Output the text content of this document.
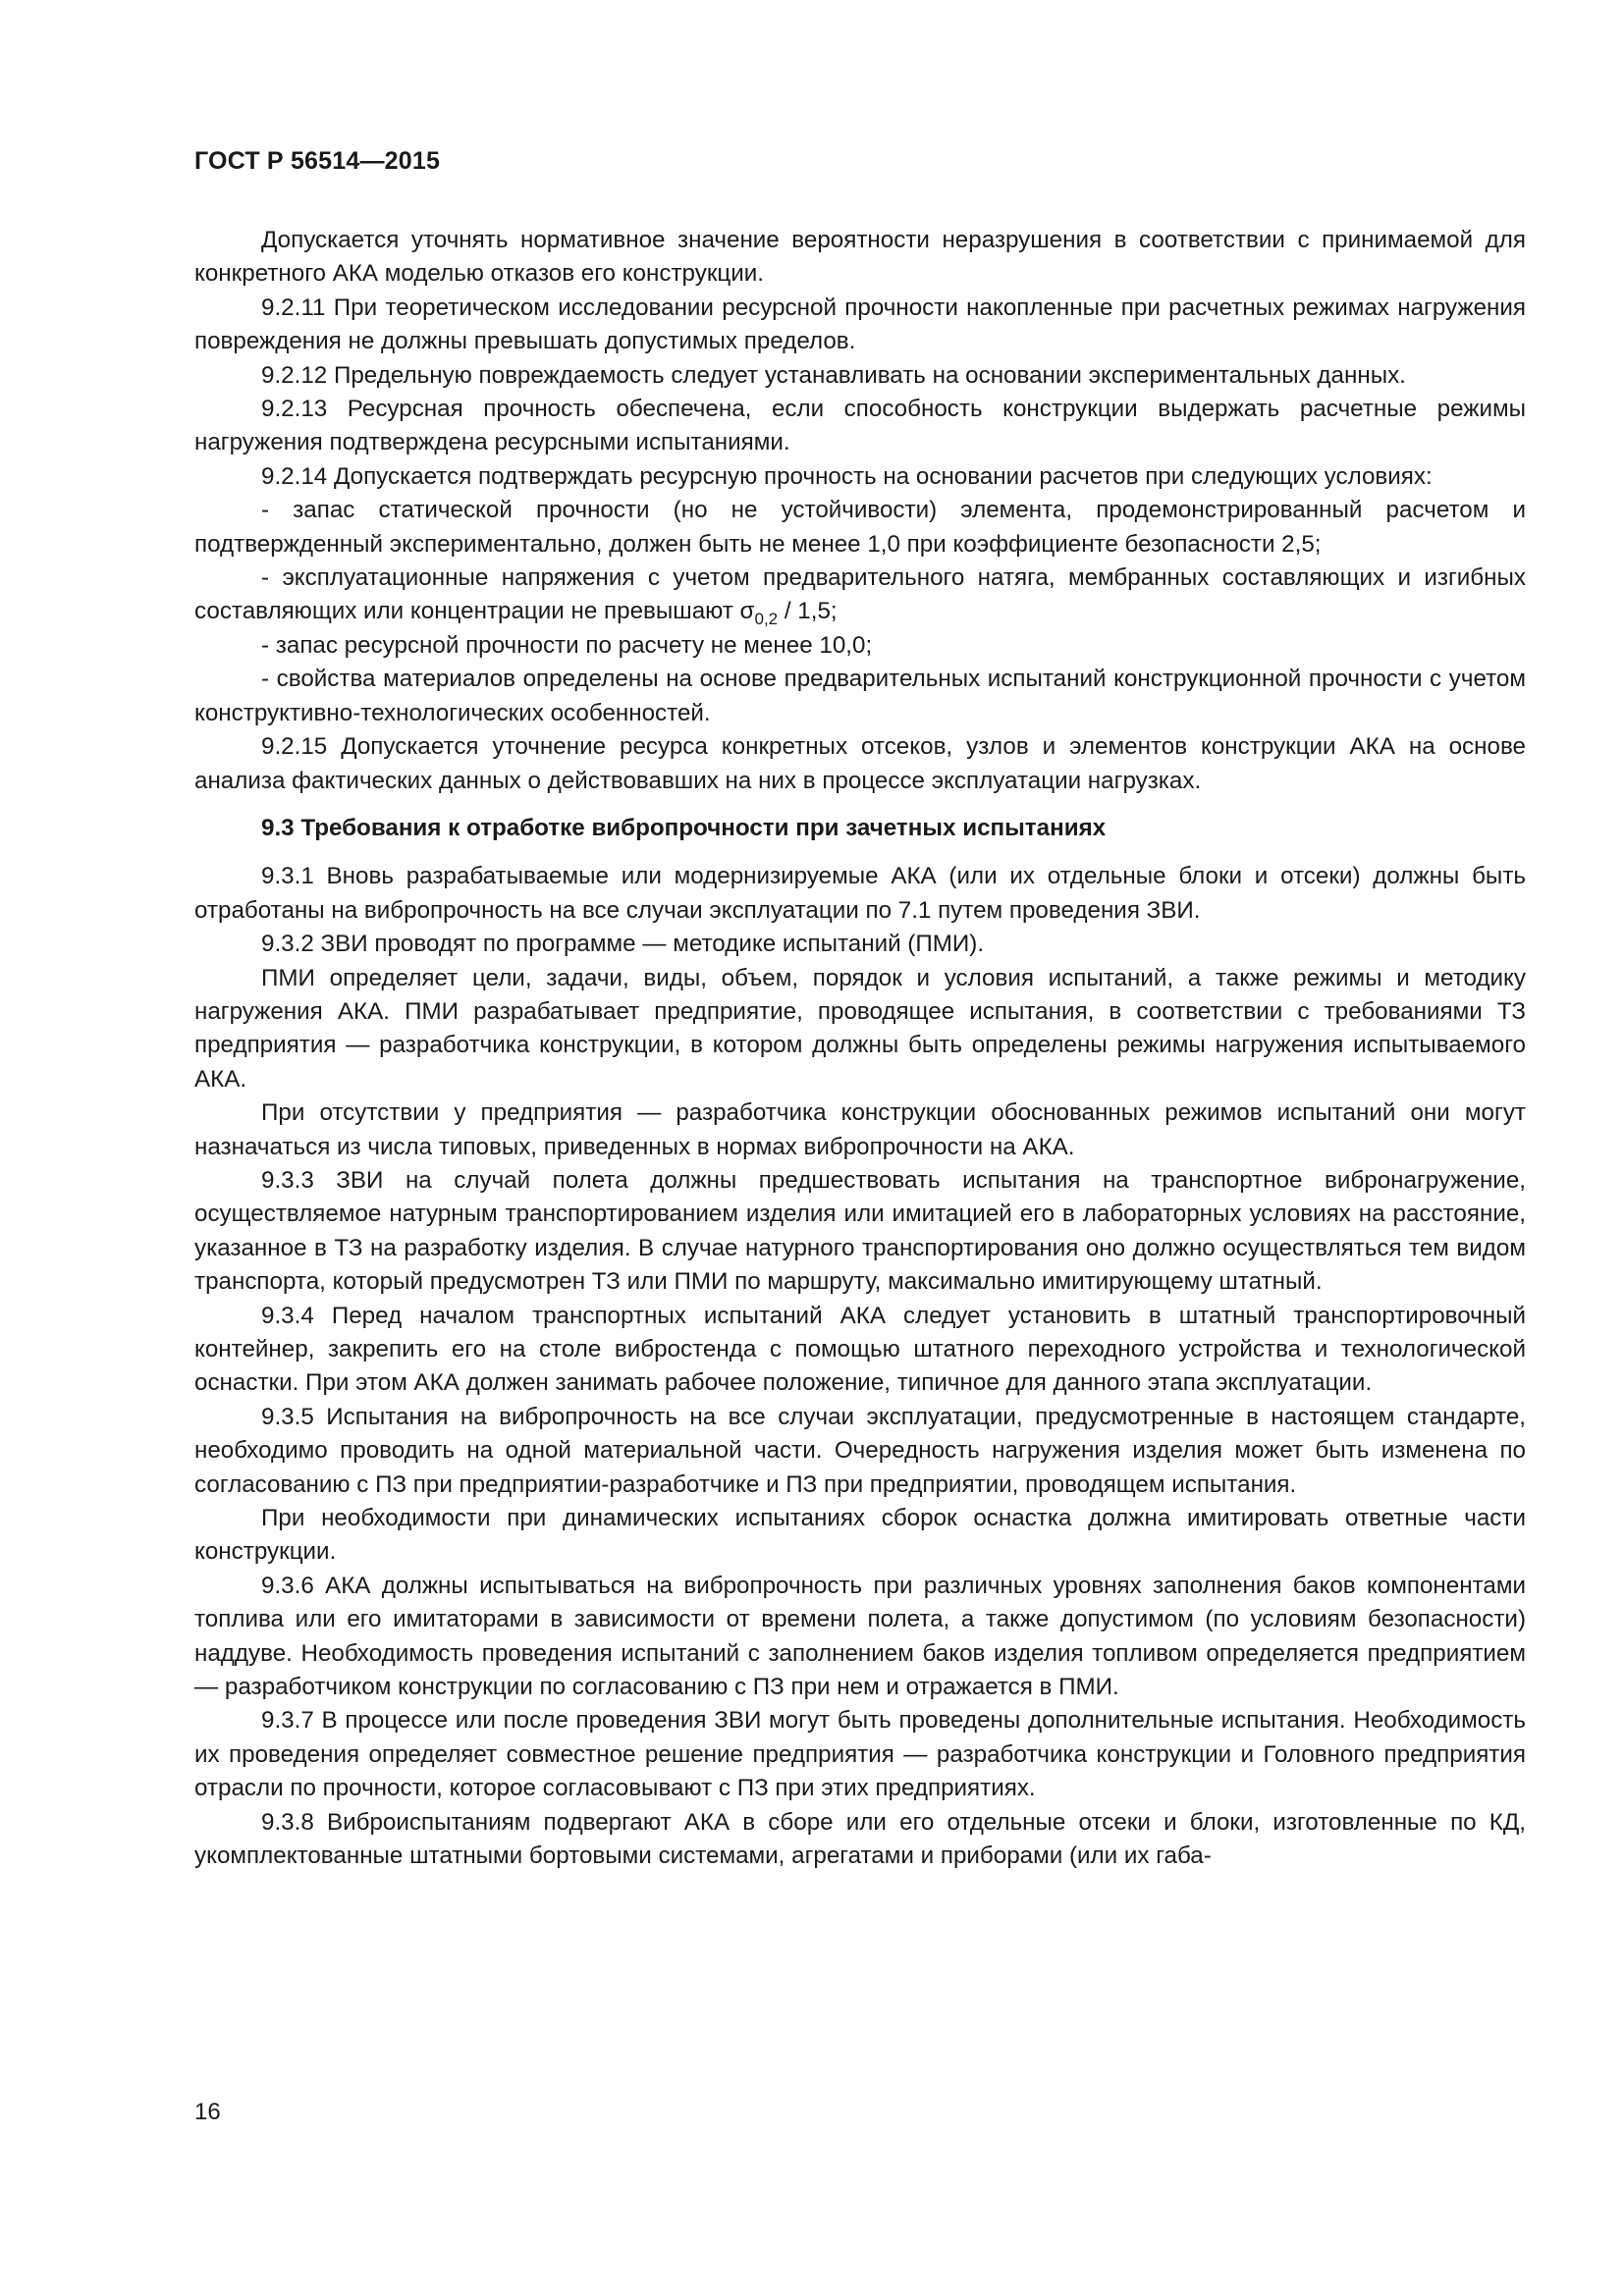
ГОСТ Р 56514—2015

Допускается уточнять нормативное значение вероятности неразрушения в соответствии с принимаемой для конкретного АКА моделью отказов его конструкции.

9.2.11 При теоретическом исследовании ресурсной прочности накопленные при расчетных режимах нагружения повреждения не должны превышать допустимых пределов.

9.2.12 Предельную повреждаемость следует устанавливать на основании экспериментальных данных.

9.2.13 Ресурсная прочность обеспечена, если способность конструкции выдержать расчетные режимы нагружения подтверждена ресурсными испытаниями.

9.2.14 Допускается подтверждать ресурсную прочность на основании расчетов при следующих условиях:

- запас статической прочности (но не устойчивости) элемента, продемонстрированный расчетом и подтвержденный экспериментально, должен быть не менее 1,0 при коэффициенте безопасности 2,5;

- эксплуатационные напряжения с учетом предварительного натяга, мембранных составляющих и изгибных составляющих или концентрации не превышают $\sigma_{0,2} / 1,5$;

- запас ресурсной прочности по расчету не менее 10,0;

- свойства материалов определены на основе предварительных испытаний конструкционной прочности с учетом конструктивно-технологических особенностей.

9.2.15 Допускается уточнение ресурса конкретных отсеков, узлов и элементов конструкции АКА на основе анализа фактических данных о действовавших на них в процессе эксплуатации нагрузках.

9.3 Требования к отработке вибропрочности при зачетных испытаниях

9.3.1 Вновь разрабатываемые или модернизируемые АКА (или их отдельные блоки и отсеки) должны быть отработаны на вибропрочность на все случаи эксплуатации по 7.1 путем проведения ЗВИ.

9.3.2 ЗВИ проводят по программе — методике испытаний (ПМИ).

ПМИ определяет цели, задачи, виды, объем, порядок и условия испытаний, а также режимы и методику нагружения АКА. ПМИ разрабатывает предприятие, проводящее испытания, в соответствии с требованиями ТЗ предприятия — разработчика конструкции, в котором должны быть определены режимы нагружения испытываемого АКА.

При отсутствии у предприятия — разработчика конструкции обоснованных режимов испытаний они могут назначаться из числа типовых, приведенных в нормах вибропрочности на АКА.

9.3.3 ЗВИ на случай полета должны предшествовать испытания на транспортное вибронагружение, осуществляемое натурным транспортированием изделия или имитацией его в лабораторных условиях на расстояние, указанное в ТЗ на разработку изделия. В случае натурного транспортирования оно должно осуществляться тем видом транспорта, который предусмотрен ТЗ или ПМИ по маршруту, максимально имитирующему штатный.

9.3.4 Перед началом транспортных испытаний АКА следует установить в штатный транспортировочный контейнер, закрепить его на столе вибростенда с помощью штатного переходного устройства и технологической оснастки. При этом АКА должен занимать рабочее положение, типичное для данного этапа эксплуатации.

9.3.5 Испытания на вибропрочность на все случаи эксплуатации, предусмотренные в настоящем стандарте, необходимо проводить на одной материальной части. Очередность нагружения изделия может быть изменена по согласованию с ПЗ при предприятии-разработчике и ПЗ при предприятии, проводящем испытания.

При необходимости при динамических испытаниях сборок оснастка должна имитировать ответные части конструкции.

9.3.6 АКА должны испытываться на вибропрочность при различных уровнях заполнения баков компонентами топлива или его имитаторами в зависимости от времени полета, а также допустимом (по условиям безопасности) наддуве. Необходимость проведения испытаний с заполнением баков изделия топливом определяется предприятием — разработчиком конструкции по согласованию с ПЗ при нем и отражается в ПМИ.

9.3.7 В процессе или после проведения ЗВИ могут быть проведены дополнительные испытания. Необходимость их проведения определяет совместное решение предприятия — разработчика конструкции и Головного предприятия отрасли по прочности, которое согласовывают с ПЗ при этих предприятиях.

9.3.8 Виброиспытаниям подвергают АКА в сборе или его отдельные отсеки и блоки, изготовленные по КД, укомплектованные штатными бортовыми системами, агрегатами и приборами (или их габа-

16
